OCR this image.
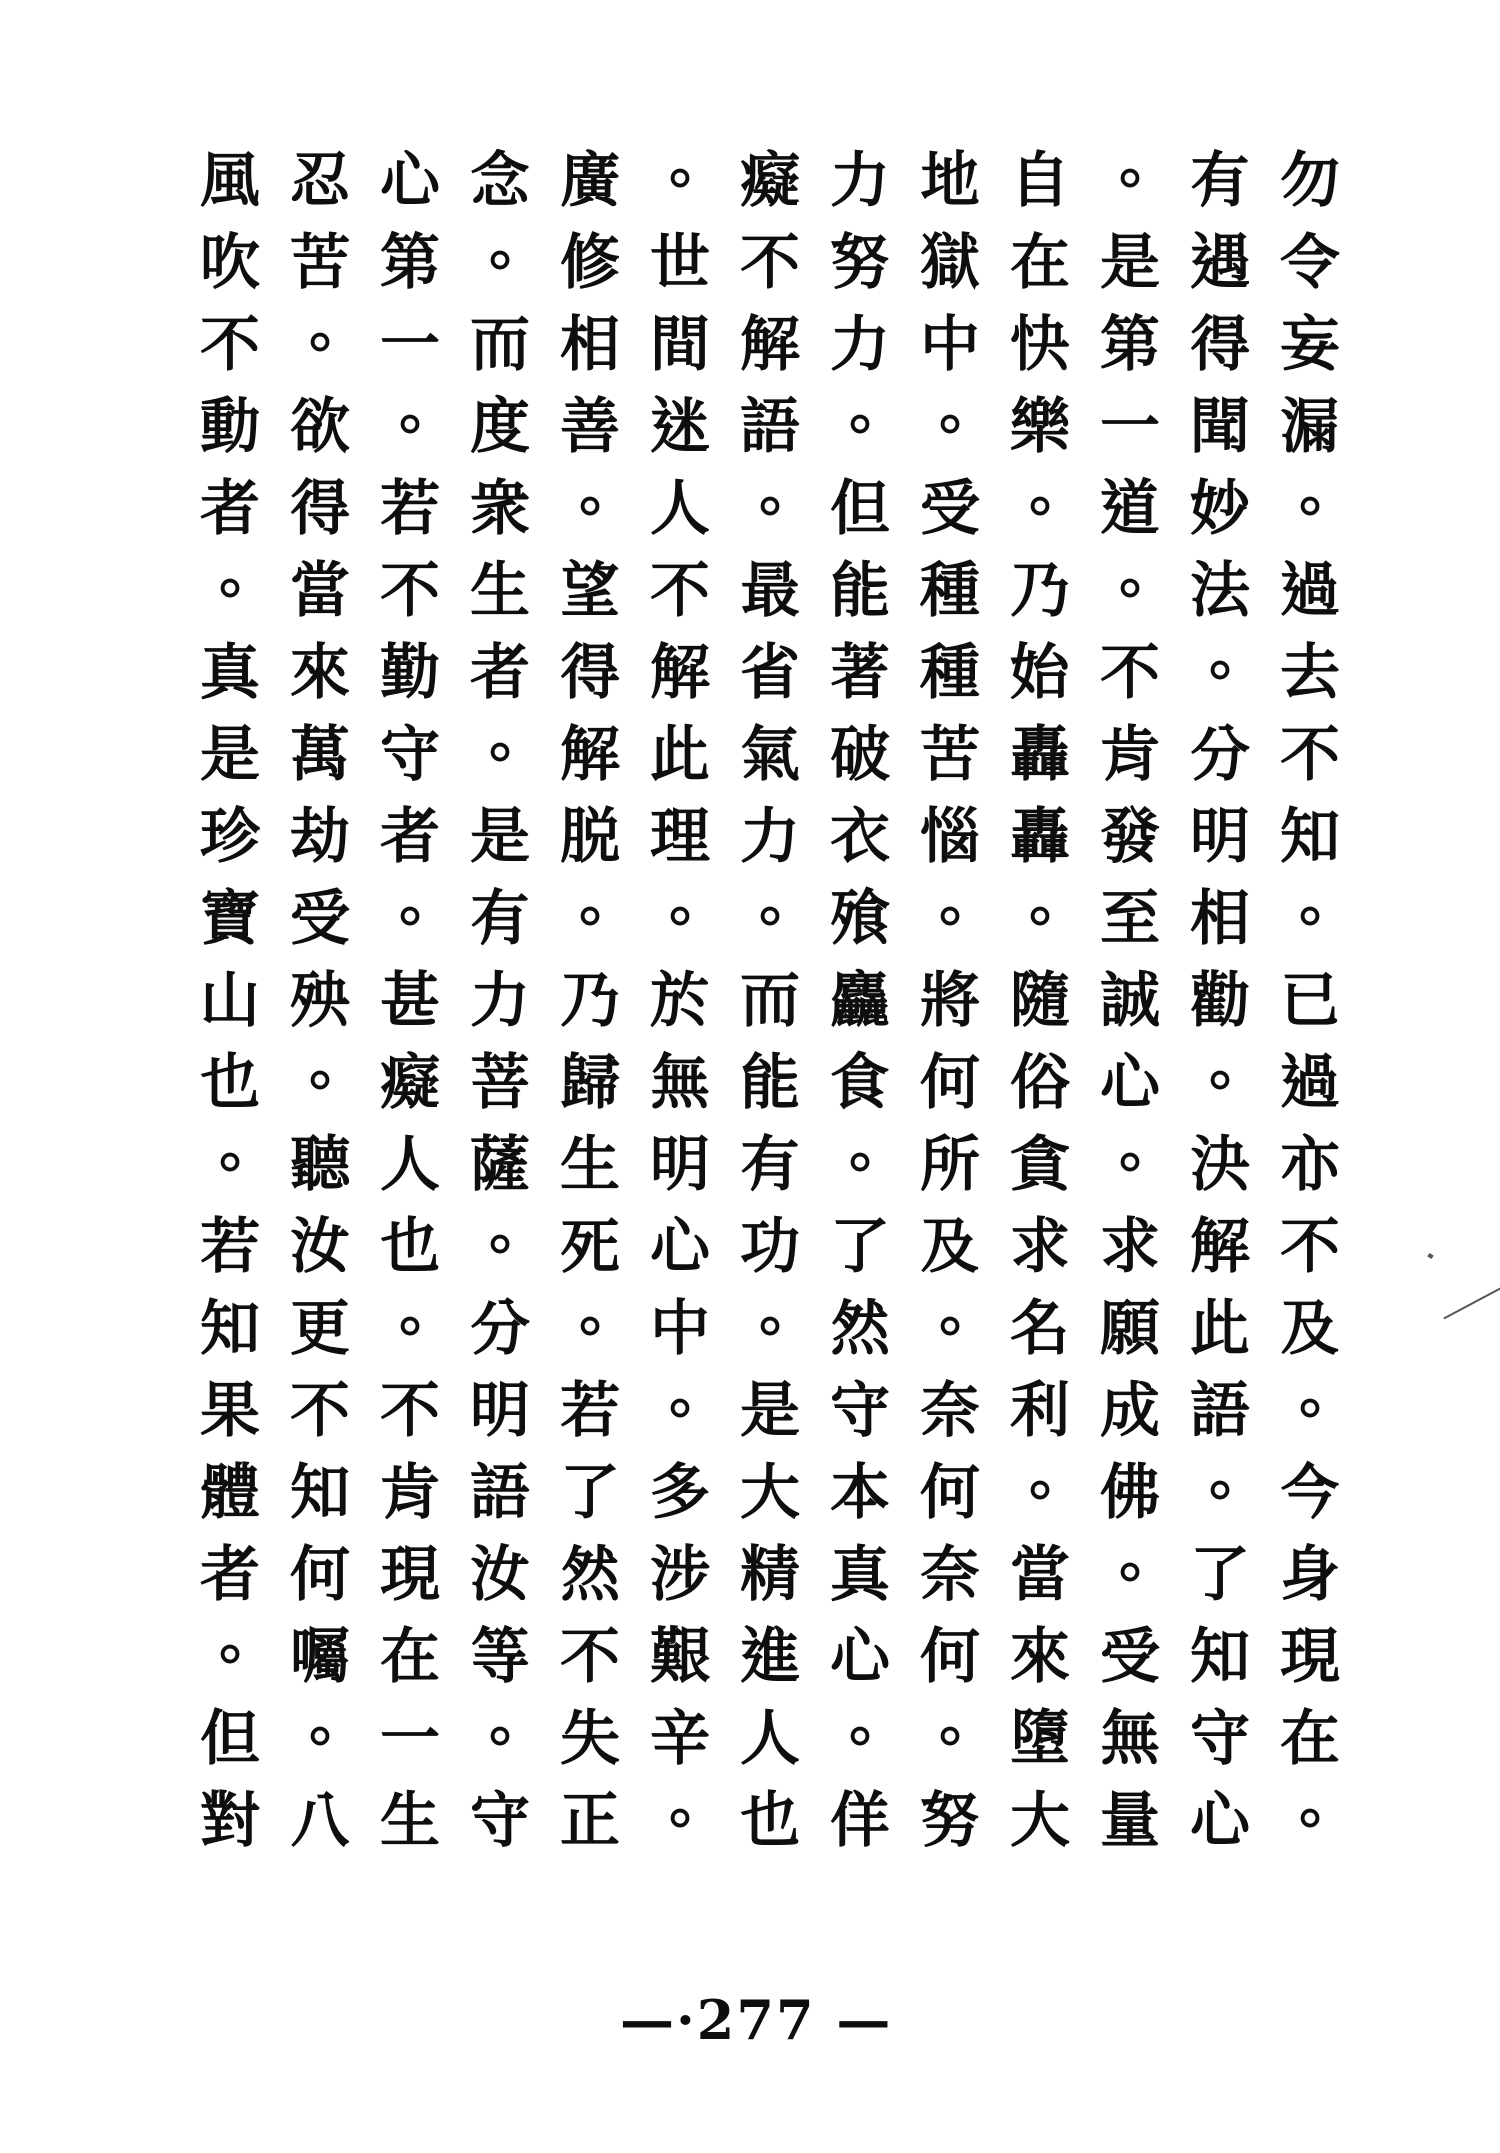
勿令妄漏。過去不知。已過亦不及。今身現在。
有遇得聞妙法。分明相勸。決解此語。了知守心
。是第一道。不肯發至誠心。求願成佛。受無量
自在快樂。乃始轟轟。隨俗貪求名利。當來墮大
地獄中。受種種苦惱。將何所及。奈何奈何。努
力努力。但能著破衣飱麤食。了然守本真心。佯
癡不解語。最省氣力。而能有功。是大精進人也
。世間迷人不解此理。於無明心中。多涉艱辛。
廣修相善。望得解脱。乃歸生死。若了然不失正
念。而度衆生者。是有力菩薩。分明語汝等。守
心第一。若不勤守者。甚癡人也。不肯現在一生
忍苦。欲得當來萬劫受殃。聽汝更不知何囑。八
風吹不動者。真是珍寶山也。若知果體者。但對
—·277 —
